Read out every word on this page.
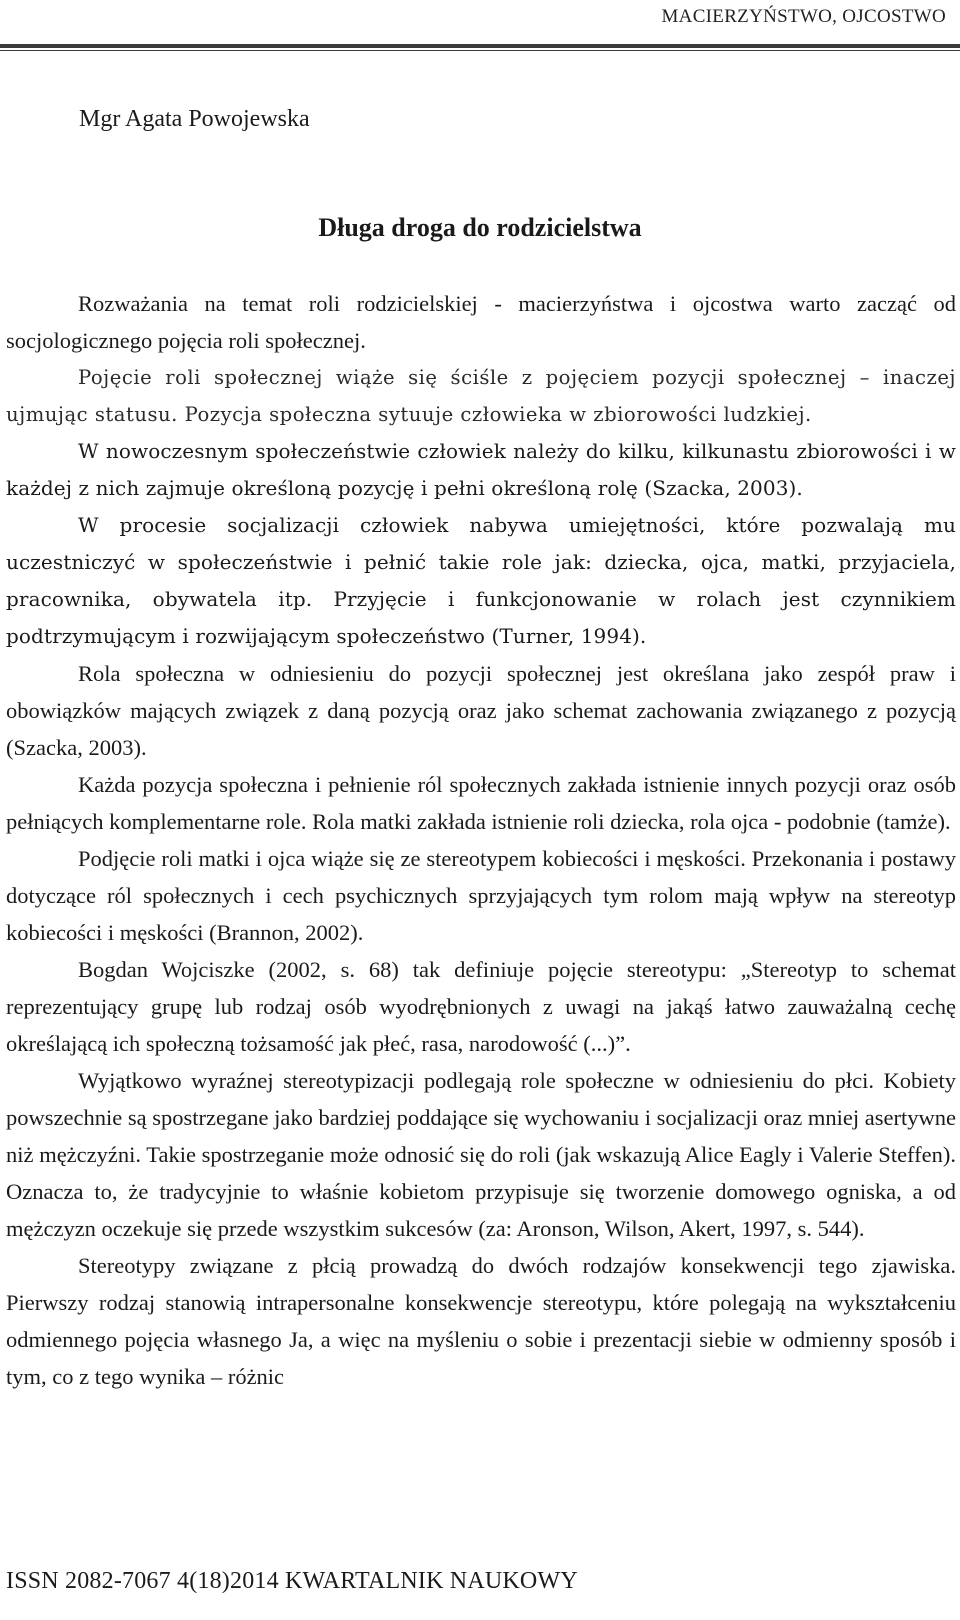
MACIERZYŃSTWO, OJCOSTWO
Mgr Agata Powojewska
Długa droga do rodzicielstwa

Rozważania na temat roli rodzicielskiej - macierzyństwa i ojcostwa warto zacząć od socjologicznego pojęcia roli społecznej.

Pojęcie roli społecznej wiąże się ściśle z pojęciem pozycji społecznej – inaczej ujmując statusu. Pozycja społeczna sytuuje człowieka w zbiorowości ludzkiej.

W nowoczesnym społeczeństwie człowiek należy do kilku, kilkunastu zbiorowości i w każdej z nich zajmuje określoną pozycję i pełni określoną rolę (Szacka, 2003).

W procesie socjalizacji człowiek nabywa umiejętności, które pozwalają mu uczestniczyć w społeczeństwie i pełnić takie role jak: dziecka, ojca, matki, przyjaciela, pracownika, obywatela itp. Przyjęcie i funkcjonowanie w rolach jest czynnikiem podtrzymującym i rozwijającym społeczeństwo (Turner, 1994).

Rola społeczna w odniesieniu do pozycji społecznej jest określana jako zespół praw i obowiązków mających związek z daną pozycją oraz jako schemat zachowania związanego z pozycją (Szacka, 2003).

Każda pozycja społeczna i pełnienie ról społecznych zakłada istnienie innych pozycji oraz osób pełniących komplementarne role. Rola matki zakłada istnienie roli dziecka, rola ojca - podobnie (tamże).

Podjęcie roli matki i ojca wiąże się ze stereotypem kobiecości i męskości. Przekonania i postawy dotyczące ról społecznych i cech psychicznych sprzyjających tym rolom mają wpływ na stereotyp kobiecości i męskości (Brannon, 2002).

Bogdan Wojciszke (2002, s. 68) tak definiuje pojęcie stereotypu: „Stereotyp to schemat reprezentujący grupę lub rodzaj osób wyodrębnionych z uwagi na jakąś łatwo zauważalną cechę określającą ich społeczną tożsamość jak płeć, rasa, narodowość (...)”.

Wyjątkowo wyraźnej stereotypizacji podlegają role społeczne w odniesieniu do płci. Kobiety powszechnie są spostrzegane jako bardziej poddające się wychowaniu i socjalizacji oraz mniej asertywne niż mężczyźni. Takie spostrzeganie może odnosić się do roli (jak wskazują Alice Eagly i Valerie Steffen). Oznacza to, że tradycyjnie to właśnie kobietom przypisuje się tworzenie domowego ogniska, a od mężczyzn oczekuje się przede wszystkim sukcesów (za: Aronson, Wilson, Akert, 1997, s. 544).

Stereotypy związane z płcią prowadzą do dwóch rodzajów konsekwencji tego zjawiska. Pierwszy rodzaj stanowią intrapersonalne konsekwencje stereotypu, które polegają na wykształceniu odmiennego pojęcia własnego Ja, a więc na myśleniu o sobie i prezentacji siebie w odmienny sposób i tym, co z tego wynika – różnic

ISSN 2082-7067 4(18)2014 KWARTALNIK NAUKOWY
